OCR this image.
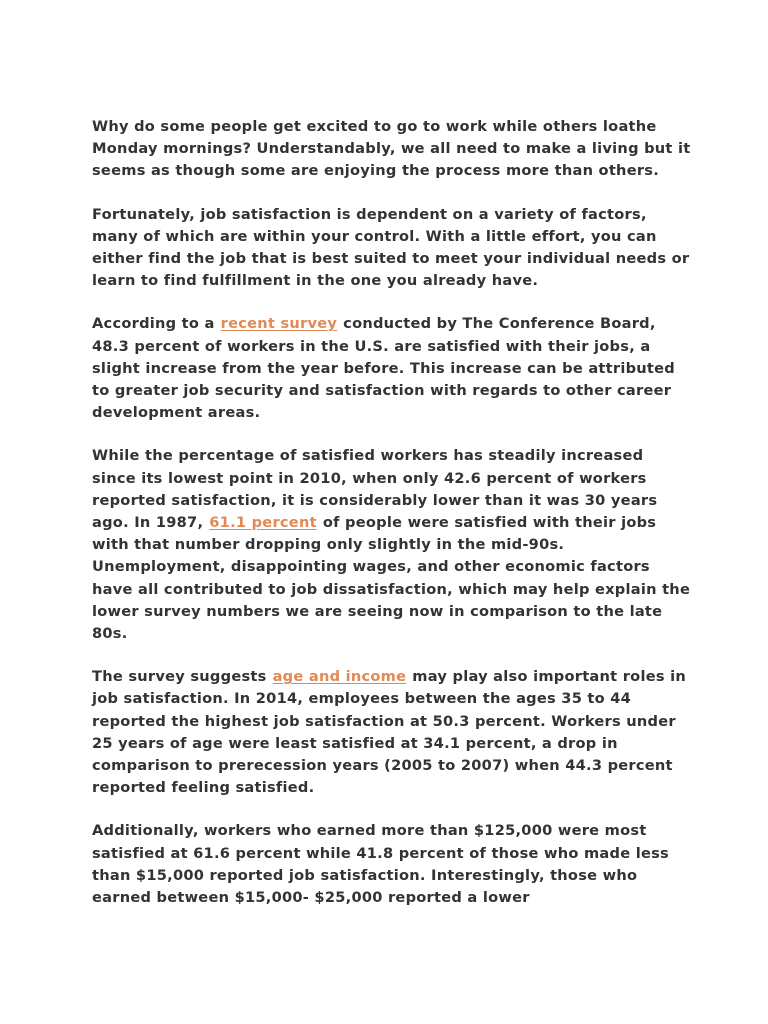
Why do some people get excited to go to work while others loathe Monday mornings? Understandably, we all need to make a living but it seems as though some are enjoying the process more than others.

Fortunately, job satisfaction is dependent on a variety of factors, many of which are within your control. With a little effort, you can either find the job that is best suited to meet your individual needs or learn to find fulfillment in the one you already have.

According to a recent survey conducted by The Conference Board, 48.3 percent of workers in the U.S. are satisfied with their jobs, a slight increase from the year before. This increase can be attributed to greater job security and satisfaction with regards to other career development areas.

While the percentage of satisfied workers has steadily increased since its lowest point in 2010, when only 42.6 percent of workers reported satisfaction, it is considerably lower than it was 30 years ago. In 1987, 61.1 percent of people were satisfied with their jobs with that number dropping only slightly in the mid-90s. Unemployment, disappointing wages, and other economic factors have all contributed to job dissatisfaction, which may help explain the lower survey numbers we are seeing now in comparison to the late 80s.

The survey suggests age and income may play also important roles in job satisfaction. In 2014, employees between the ages 35 to 44 reported the highest job satisfaction at 50.3 percent. Workers under 25 years of age were least satisfied at 34.1 percent, a drop in comparison to prerecession years (2005 to 2007) when 44.3 percent reported feeling satisfied.

Additionally, workers who earned more than $125,000 were most satisfied at 61.6 percent while 41.8 percent of those who made less than $15,000 reported job satisfaction. Interestingly, those who earned between $15,000- $25,000 reported a lower
